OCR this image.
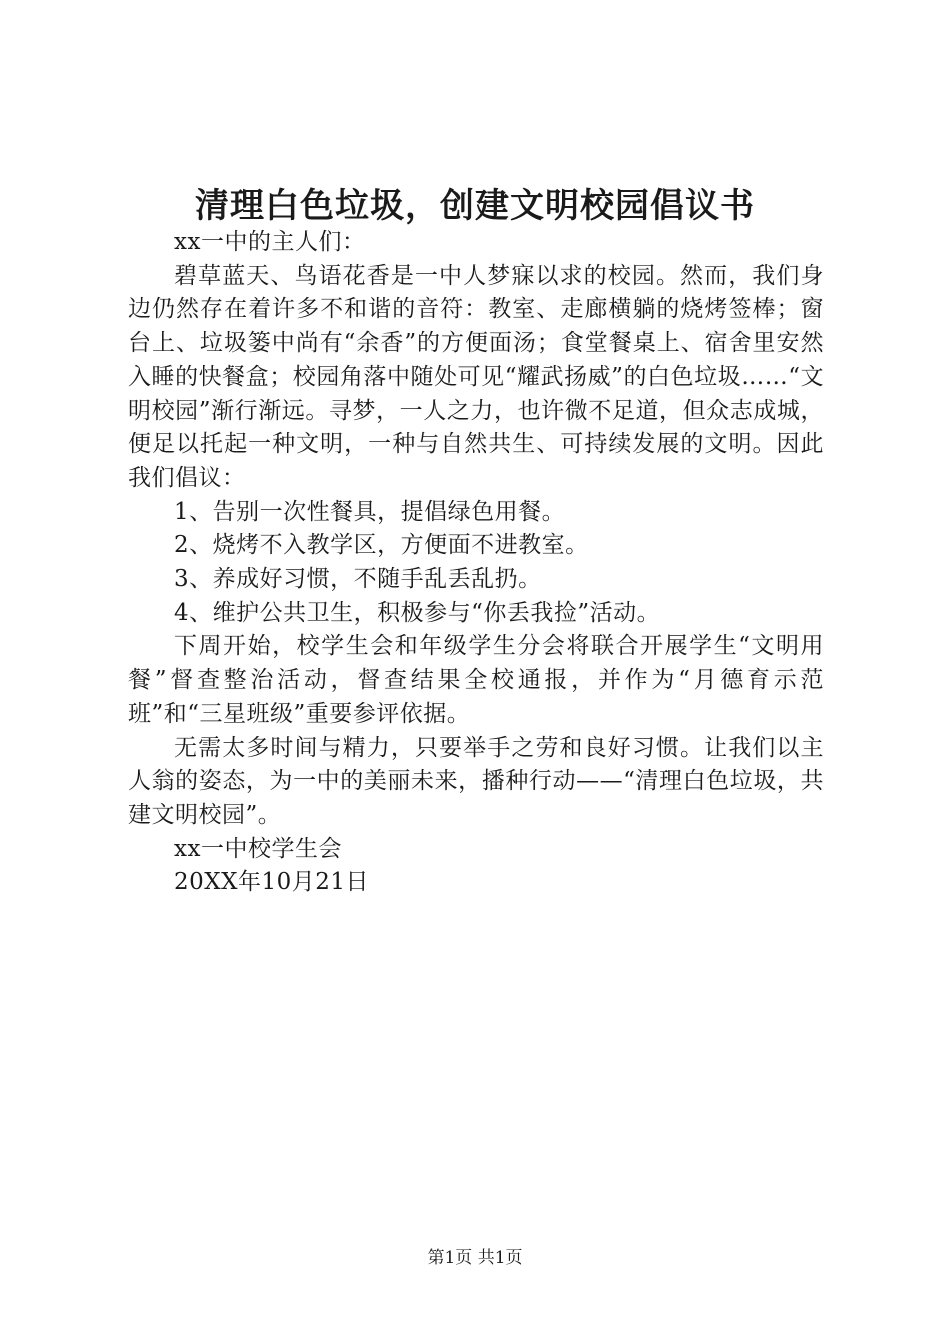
清理白色垃圾，创建文明校园倡议书

xx一中的主人们：

碧草蓝天、鸟语花香是一中人梦寐以求的校园。然而，我们身边仍然存在着许多不和谐的音符：教室、走廊横躺的烧烤签棒；窗台上、垃圾篓中尚有“余香”的方便面汤；食堂餐桌上、宿舍里安然入睡的快餐盒；校园角落中随处可见“耀武扬威”的白色垃圾……“文明校园”渐行渐远。寻梦，一人之力，也许微不足道，但众志成城，便足以托起一种文明，一种与自然共生、可持续发展的文明。因此我们倡议：

1、告别一次性餐具，提倡绿色用餐。

2、烧烤不入教学区，方便面不进教室。

3、养成好习惯，不随手乱丢乱扔。

4、维护公共卫生，积极参与“你丢我捡”活动。

下周开始，校学生会和年级学生分会将联合开展学生“文明用餐”督查整治活动，督查结果全校通报，并作为“月德育示范班”和“三星班级”重要参评依据。

无需太多时间与精力，只要举手之劳和良好习惯。让我们以主人翁的姿态，为一中的美丽未来，播种行动——“清理白色垃圾，共建文明校园”。

xx一中校学生会

20XX年10月21日

第1页 共1页
